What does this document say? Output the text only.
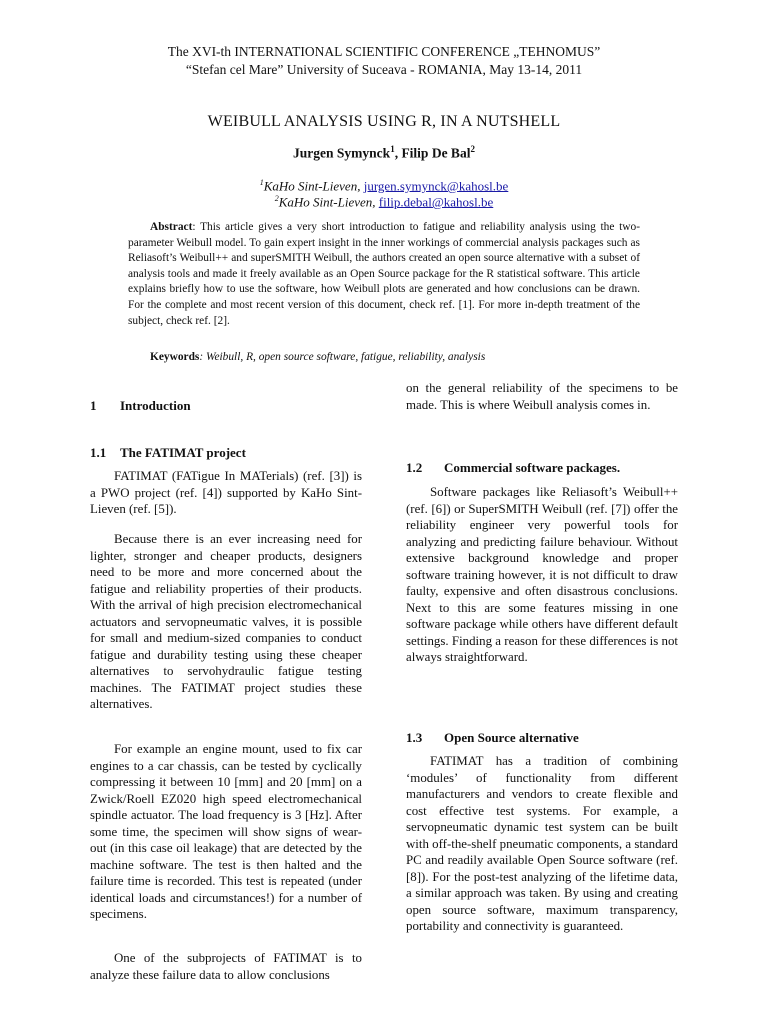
The XVI-th INTERNATIONAL SCIENTIFIC CONFERENCE „TEHNOMUS”
“Stefan cel Mare” University of Suceava - ROMANIA, May 13-14, 2011
WEIBULL ANALYSIS USING R, IN A NUTSHELL
Jurgen Symynck$^1$, Filip De Bal$^2$
$^1$KaHo Sint-Lieven, jurgen.symynck@kahosl.be
$^2$KaHo Sint-Lieven, filip.debal@kahosl.be
Abstract: This article gives a very short introduction to fatigue and reliability analysis using the two-parameter Weibull model. To gain expert insight in the inner workings of commercial analysis packages such as Reliasoft’s Weibull++ and superSMITH Weibull, the authors created an open source alternative with a subset of analysis tools and made it freely available as an Open Source package for the R statistical software. This article explains briefly how to use the software, how Weibull plots are generated and how conclusions can be drawn. For the complete and most recent version of this document, check ref. [1]. For more in-depth treatment of the subject, check ref. [2].
Keywords: Weibull, R, open source software, fatigue, reliability, analysis
1 Introduction
1.1 The FATIMAT project

FATIMAT (FATigue In MATerials) (ref. [3]) is a PWO project (ref. [4]) supported by KaHo Sint-Lieven (ref. [5]).

Because there is an ever increasing need for lighter, stronger and cheaper products, designers need to be more and more concerned about the fatigue and reliability properties of their products. With the arrival of high precision electromechanical actuators and servopneumatic valves, it is possible for small and medium-sized companies to conduct fatigue and durability testing using these cheaper alternatives to servohydraulic fatigue testing machines. The FATIMAT project studies these alternatives.

For example an engine mount, used to fix car engines to a car chassis, can be tested by cyclically compressing it between 10 [mm] and 20 [mm] on a Zwick/Roell EZ020 high speed electromechanical spindle actuator. The load frequency is 3 [Hz]. After some time, the specimen will show signs of wear-out (in this case oil leakage) that are detected by the machine software. The test is then halted and the failure time is recorded. This test is repeated (under identical loads and circumstances!) for a number of specimens.

One of the subprojects of FATIMAT is to analyze these failure data to allow conclusions

on the general reliability of the specimens to be made. This is where Weibull analysis comes in.

1.2 Commercial software packages.

Software packages like Reliasoft’s Weibull++ (ref. [6]) or SuperSMITH Weibull (ref. [7]) offer the reliability engineer very powerful tools for analyzing and predicting failure behaviour. Without extensive background knowledge and proper software training however, it is not difficult to draw faulty, expensive and often disastrous conclusions. Next to this are some features missing in one software package while others have different default settings. Finding a reason for these differences is not always straightforward.

1.3 Open Source alternative

FATIMAT has a tradition of combining ‘modules’ of functionality from different manufacturers and vendors to create flexible and cost effective test systems. For example, a servopneumatic dynamic test system can be built with off-the-shelf pneumatic components, a standard PC and readily available Open Source software (ref. [8]). For the post-test analyzing of the lifetime data, a similar approach was taken. By using and creating open source software, maximum transparency, portability and connectivity is guaranteed.
